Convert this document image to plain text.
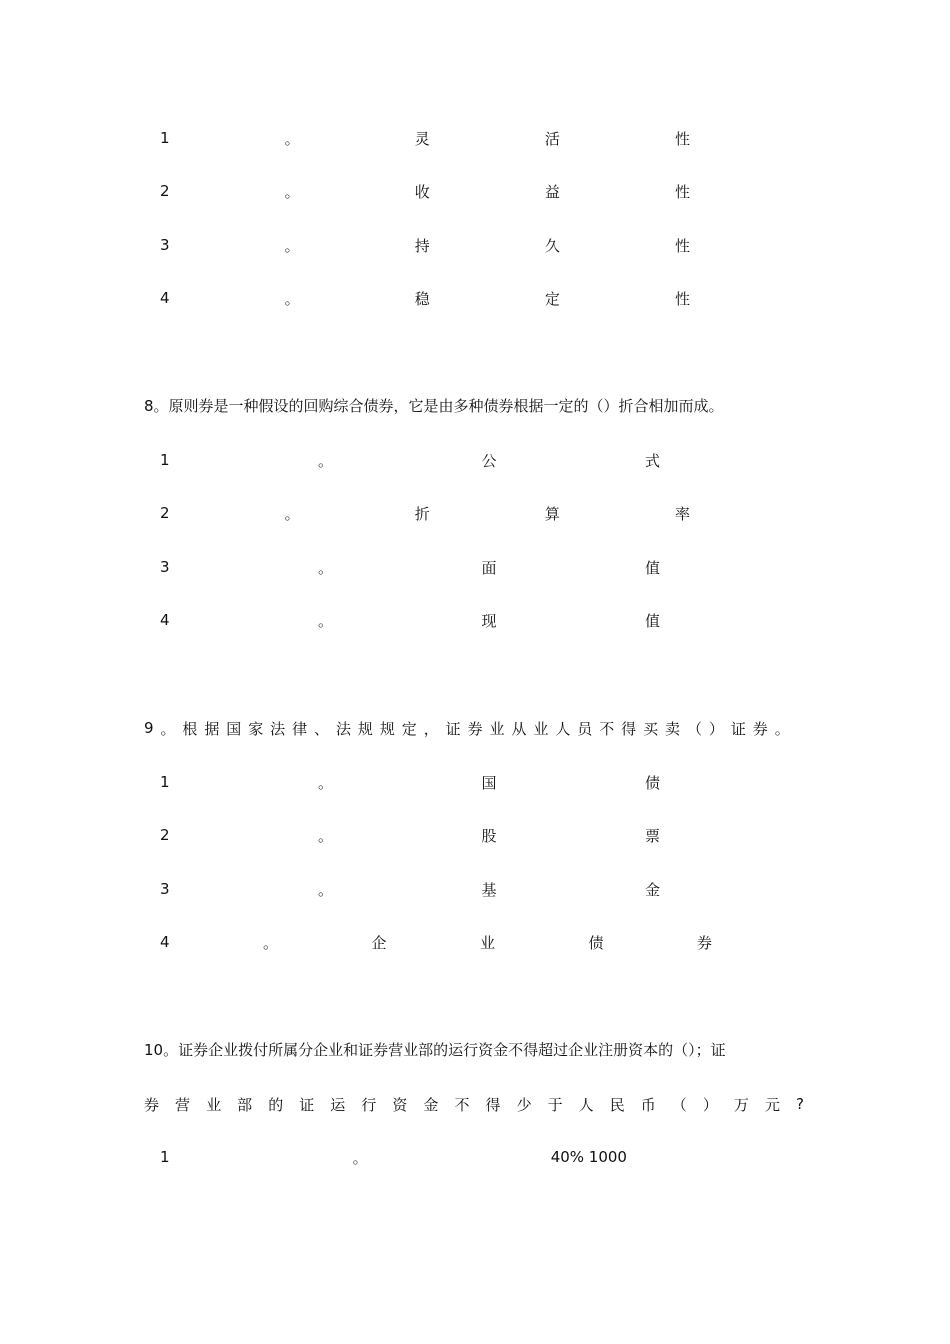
1	。	灵	活	性
2	。	收	益	性
3	。	持	久	性
4	。	稳	定	性
8。原则券是一种假设的回购综合债券，它是由多种债券根据一定的（）折合相加而成。
1	。	公	式
2	。	折	算	率
3	。	面	值
4	。	现	值
9 。 根 据 国 家 法 律 、 法 规 规 定 ， 证 券 业 从 业 人 员 不 得 买 卖 （ ） 证 券 。
1	。	国	债
2	。	股	票
3	。	基	金
4	。	企	业	债	券
10。证券企业拨付所属分企业和证券营业部的运行资金不得超过企业注册资本的（）；证
券 营 业 部 的 证 运 行 资 金 不 得 少 于 人 民 币 （ ） 万 元 ?
1	。	40% 1000
